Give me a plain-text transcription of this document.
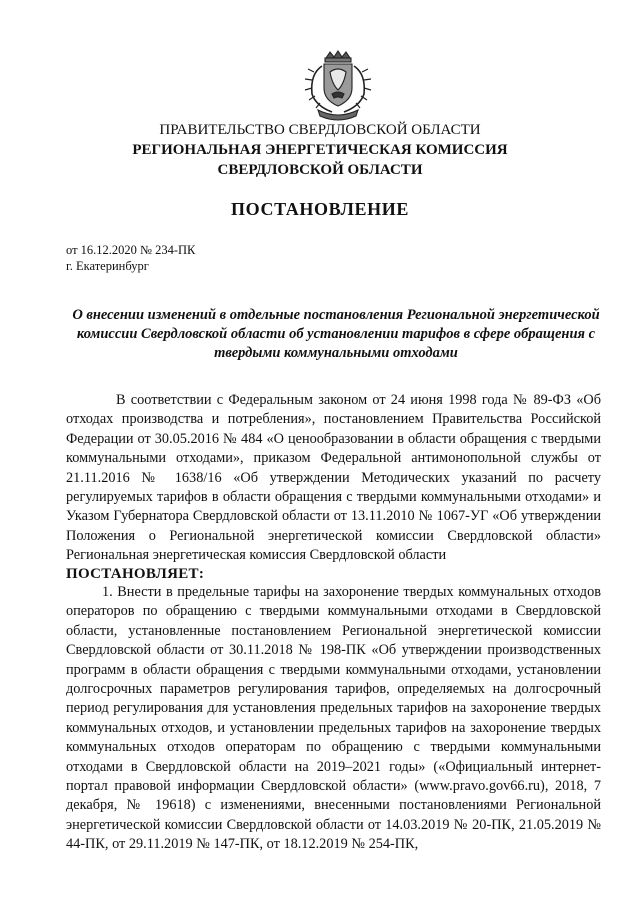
ПРАВИТЕЛЬСТВО СВЕРДЛОВСКОЙ ОБЛАСТИ
РЕГИОНАЛЬНАЯ ЭНЕРГЕТИЧЕСКАЯ КОМИССИЯ
СВЕРДЛОВСКОЙ ОБЛАСТИ
ПОСТАНОВЛЕНИЕ
от 16.12.2020 № 234-ПК
г. Екатеринбург
О внесении изменений в отдельные постановления Региональной энергетической комиссии Свердловской области об установлении тарифов в сфере обращения с твердыми коммунальными отходами
В соответствии с Федеральным законом от 24 июня 1998 года № 89-ФЗ «Об отходах производства и потребления», постановлением Правительства Российской Федерации от 30.05.2016 № 484 «О ценообразовании в области обращения с твердыми коммунальными отходами», приказом Федеральной антимонопольной службы от 21.11.2016 № 1638/16 «Об утверждении Методических указаний по расчету регулируемых тарифов в области обращения с твердыми коммунальными отходами» и Указом Губернатора Свердловской области от 13.11.2010 № 1067-УГ «Об утверждении Положения о Региональной энергетической комиссии Свердловской области» Региональная энергетическая комиссия Свердловской области
ПОСТАНОВЛЯЕТ:
1. Внести в предельные тарифы на захоронение твердых коммунальных отходов операторов по обращению с твердыми коммунальными отходами в Свердловской области, установленные постановлением Региональной энергетической комиссии Свердловской области от 30.11.2018 № 198-ПК «Об утверждении производственных программ в области обращения с твердыми коммунальными отходами, установлении долгосрочных параметров регулирования тарифов, определяемых на долгосрочный период регулирования для установления предельных тарифов на захоронение твердых коммунальных отходов, и установлении предельных тарифов на захоронение твердых коммунальных отходов операторам по обращению с твердыми коммунальными отходами в Свердловской области на 2019–2021 годы» («Официальный интернет-портал правовой информации Свердловской области» (www.pravo.gov66.ru), 2018, 7 декабря, № 19618) с изменениями, внесенными постановлениями Региональной энергетической комиссии Свердловской области от 14.03.2019 № 20-ПК, 21.05.2019 № 44-ПК, от 29.11.2019 № 147-ПК, от 18.12.2019 № 254-ПК,
